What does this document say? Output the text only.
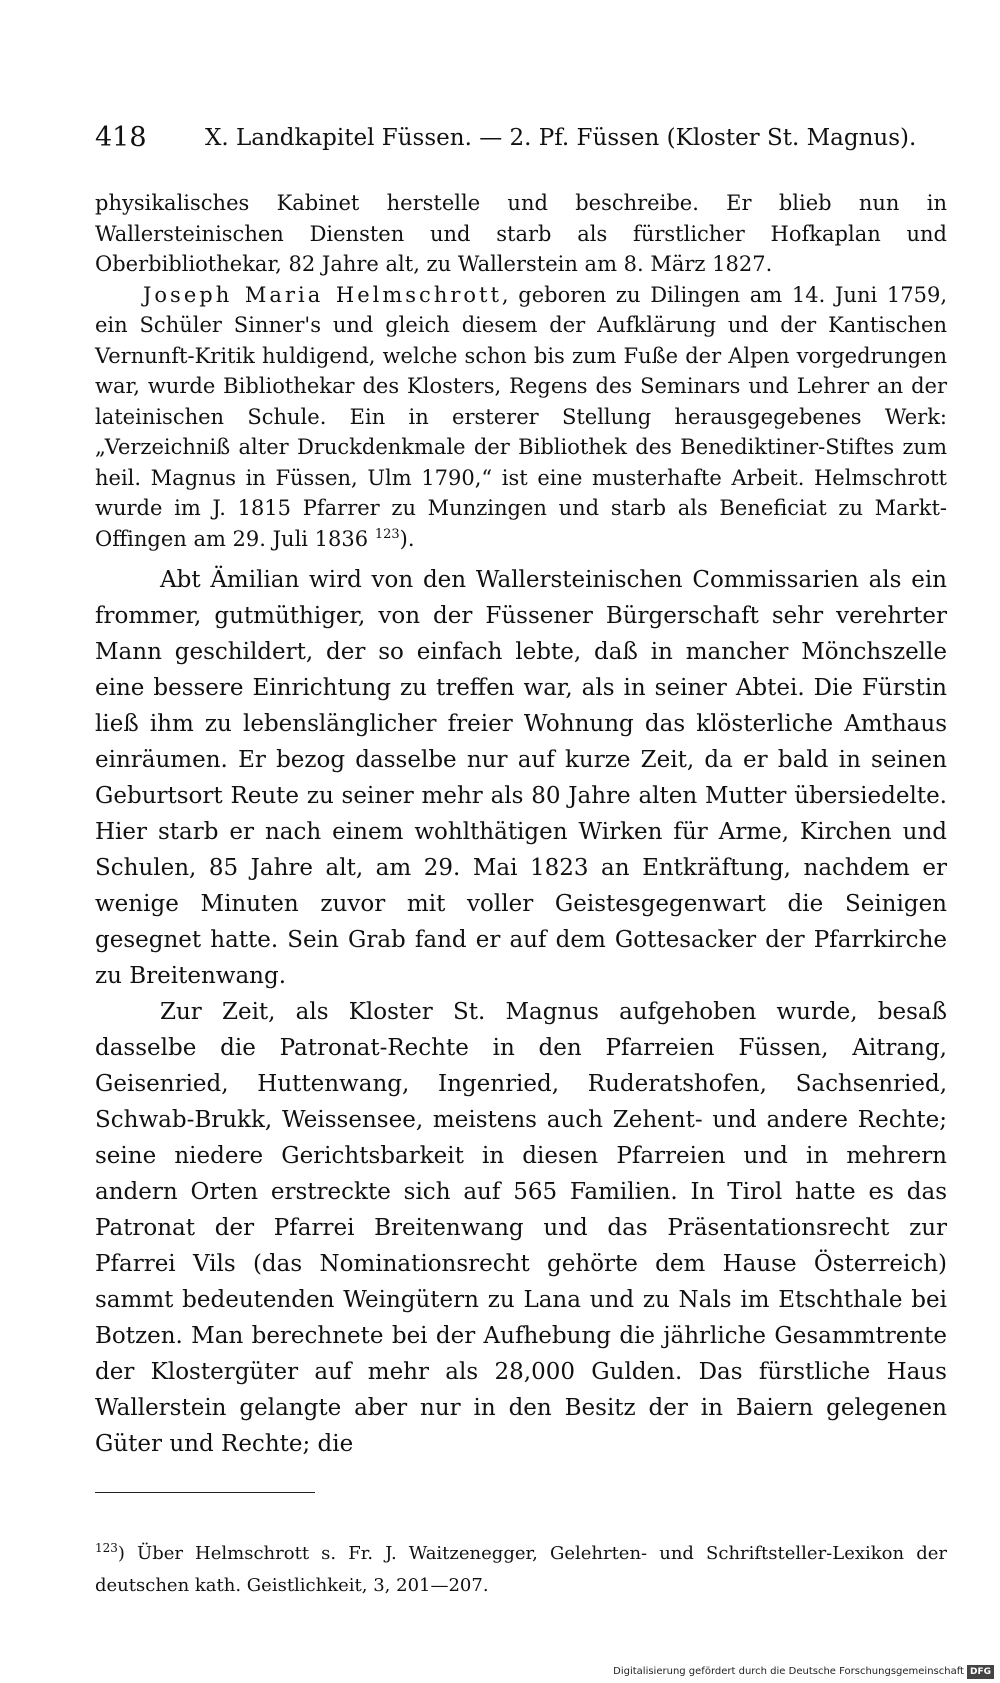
418	X. Landkapitel Füssen. — 2. Pf. Füssen (Kloster St. Magnus).

physikalisches Kabinet herstelle und beschreibe. Er blieb nun in Wallersteinischen Diensten und starb als fürstlicher Hofkaplan und Oberbibliothekar, 82 Jahre alt, zu Wallerstein am 8. März 1827.

Joseph Maria Helmschrott, geboren zu Dilingen am 14. Juni 1759, ein Schüler Sinner's und gleich diesem der Aufklärung und der Kantischen Vernunft-Kritik huldigend, welche schon bis zum Fuße der Alpen vorgedrungen war, wurde Bibliothekar des Klosters, Regens des Seminars und Lehrer an der lateinischen Schule. Ein in ersterer Stellung herausgegebenes Werk: „Verzeichniß alter Druckdenkmale der Bibliothek des Benediktiner-Stiftes zum heil. Magnus in Füssen, Ulm 1790,“ ist eine musterhafte Arbeit. Helmschrott wurde im J. 1815 Pfarrer zu Munzingen und starb als Beneficiat zu Markt-Offingen am 29. Juli 1836 $^{123}$).

Abt Ämilian wird von den Wallersteinischen Commissarien als ein frommer, gutmüthiger, von der Füssener Bürgerschaft sehr verehrter Mann geschildert, der so einfach lebte, daß in mancher Mönchszelle eine bessere Einrichtung zu treffen war, als in seiner Abtei. Die Fürstin ließ ihm zu lebenslänglicher freier Wohnung das klösterliche Amthaus einräumen. Er bezog dasselbe nur auf kurze Zeit, da er bald in seinen Geburtsort Reute zu seiner mehr als 80 Jahre alten Mutter übersiedelte. Hier starb er nach einem wohlthätigen Wirken für Arme, Kirchen und Schulen, 85 Jahre alt, am 29. Mai 1823 an Entkräftung, nachdem er wenige Minuten zuvor mit voller Geistesgegenwart die Seinigen gesegnet hatte. Sein Grab fand er auf dem Gottesacker der Pfarrkirche zu Breitenwang.

Zur Zeit, als Kloster St. Magnus aufgehoben wurde, besaß dasselbe die Patronat-Rechte in den Pfarreien Füssen, Aitrang, Geisenried, Huttenwang, Ingenried, Ruderatshofen, Sachsenried, Schwab-Brukk, Weissensee, meistens auch Zehent- und andere Rechte; seine niedere Gerichtsbarkeit in diesen Pfarreien und in mehrern andern Orten erstreckte sich auf 565 Familien. In Tirol hatte es das Patronat der Pfarrei Breitenwang und das Präsentationsrecht zur Pfarrei Vils (das Nominationsrecht gehörte dem Hause Österreich) sammt bedeutenden Weingütern zu Lana und zu Nals im Etschthale bei Botzen. Man berechnete bei der Aufhebung die jährliche Gesammtrente der Klostergüter auf mehr als 28,000 Gulden. Das fürstliche Haus Wallerstein gelangte aber nur in den Besitz der in Baiern gelegenen Güter und Rechte; die

$^{123}$) Über Helmschrott s. Fr. J. Waitzenegger, Gelehrten- und Schriftsteller-Lexikon der deutschen kath. Geistlichkeit, 3, 201—207.
Digitalisierung gefördert durch die Deutsche Forschungsgemeinschaft DFG
